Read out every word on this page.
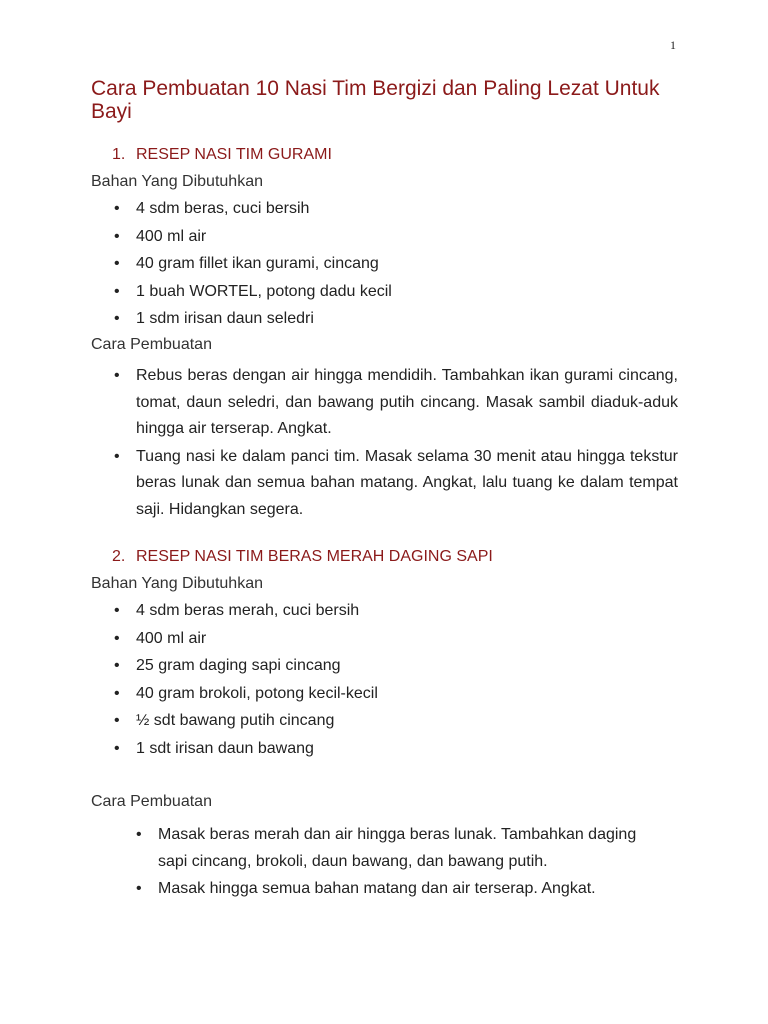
1
Cara Pembuatan 10 Nasi Tim Bergizi dan Paling Lezat Untuk Bayi
1. RESEP NASI TIM GURAMI
Bahan Yang Dibutuhkan
• 4 sdm beras, cuci bersih
• 400 ml air
• 40 gram fillet ikan gurami, cincang
• 1 buah WORTEL, potong dadu kecil
• 1 sdm irisan daun seledri
Cara Pembuatan
• Rebus beras dengan air hingga mendidih. Tambahkan ikan gurami cincang, tomat, daun seledri, dan bawang putih cincang. Masak sambil diaduk-aduk hingga air terserap. Angkat.
• Tuang nasi ke dalam panci tim. Masak selama 30 menit atau hingga tekstur beras lunak dan semua bahan matang. Angkat, lalu tuang ke dalam tempat saji. Hidangkan segera.
2. RESEP NASI TIM BERAS MERAH DAGING SAPI
Bahan Yang Dibutuhkan
• 4 sdm beras merah, cuci bersih
• 400 ml air
• 25 gram daging sapi cincang
• 40 gram brokoli, potong kecil-kecil
• ½ sdt bawang putih cincang
• 1 sdt irisan daun bawang
Cara Pembuatan
• Masak beras merah dan air hingga beras lunak. Tambahkan daging sapi cincang, brokoli, daun bawang, dan bawang putih.
• Masak hingga semua bahan matang dan air terserap. Angkat.
